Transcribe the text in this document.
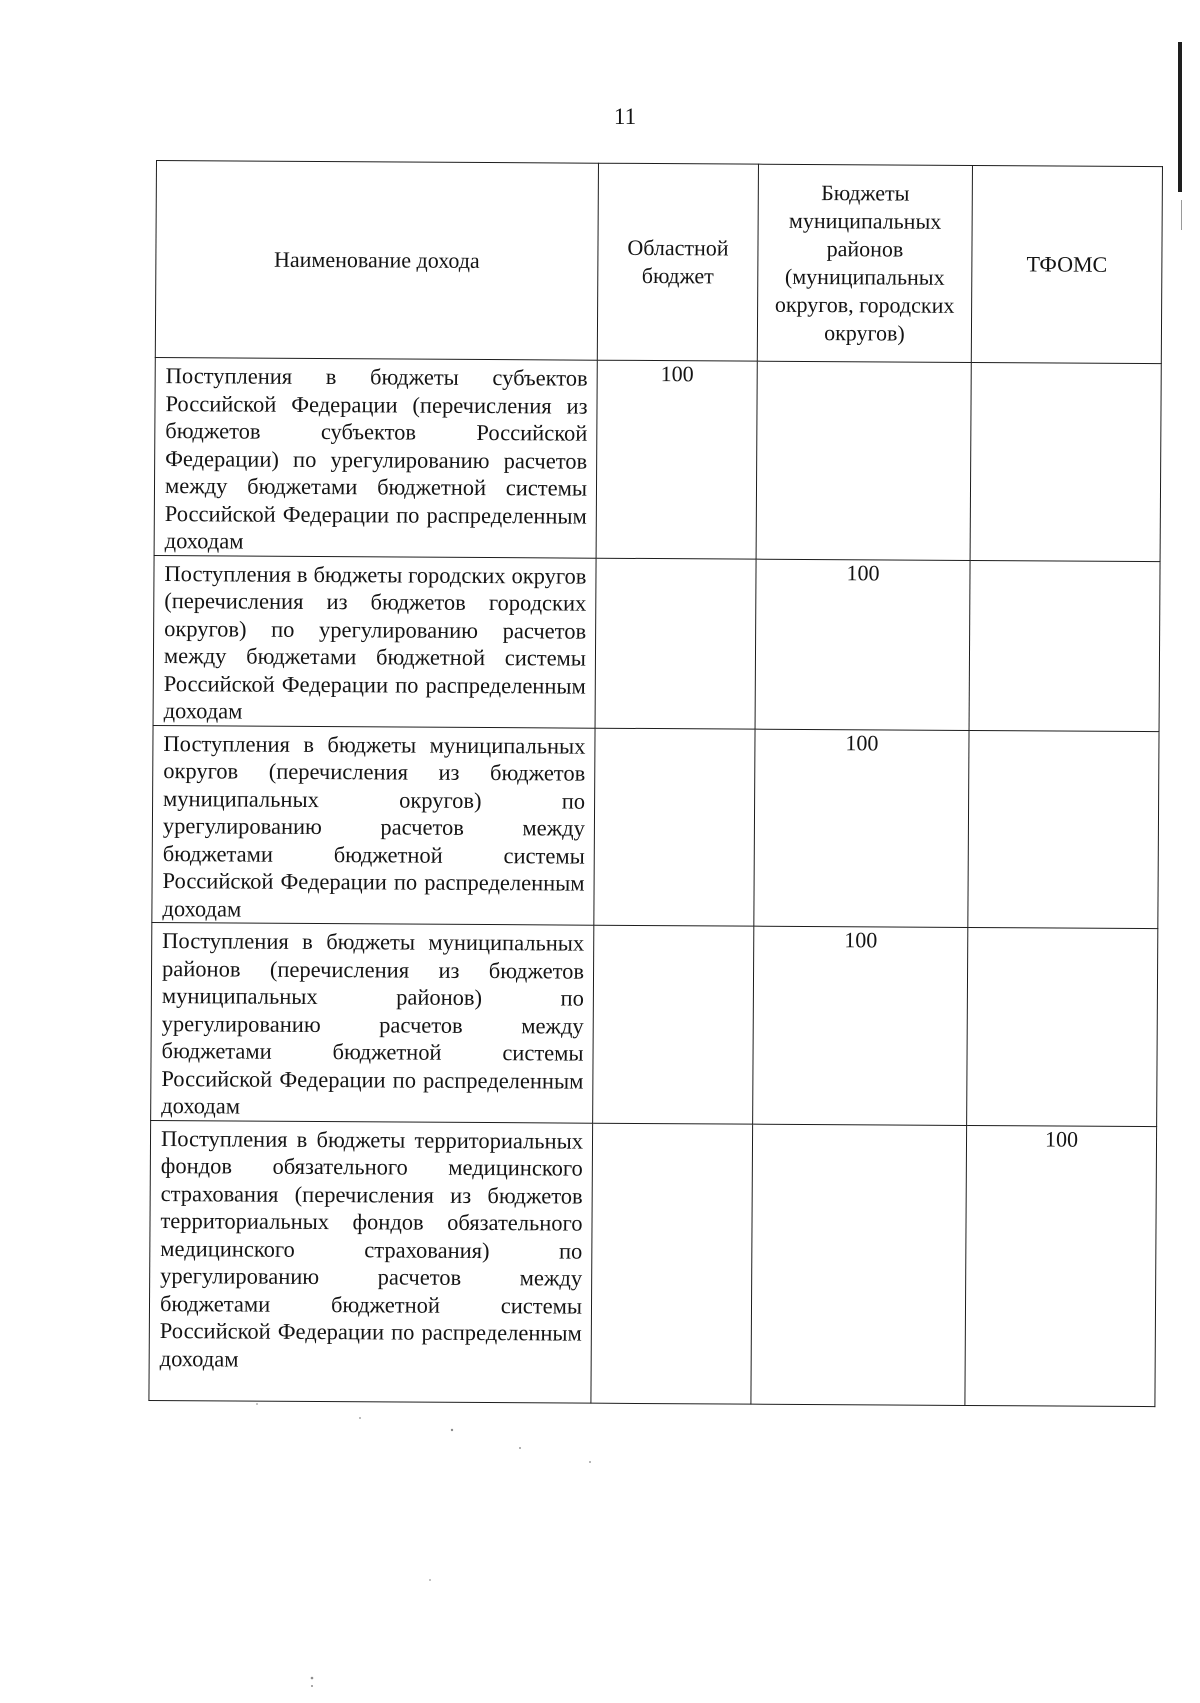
11
Наименование дохода	Областной бюджет	Бюджеты муниципальных районов (муниципальных округов, городских округов)	ТФОМС

Поступления в бюджеты субъектов Российской Федерации (перечисления из бюджетов субъектов Российской Федерации) по урегулированию расчетов между бюджетами бюджетной системы Российской Федерации по распределенным доходам	100		
Поступления в бюджеты городских округов (перечисления из бюджетов городских округов) по урегулированию расчетов между бюджетами бюджетной системы Российской Федерации по распределенным доходам		100	
Поступления в бюджеты муниципальных округов (перечисления из бюджетов муниципальных округов) по урегулированию расчетов между бюджетами бюджетной системы Российской Федерации по распределенным доходам		100	
Поступления в бюджеты муниципальных районов (перечисления из бюджетов муниципальных районов) по урегулированию расчетов между бюджетами бюджетной системы Российской Федерации по распределенным доходам		100	
Поступления в бюджеты территориальных фондов обязательного медицинского страхования (перечисления из бюджетов территориальных фондов обязательного медицинского страхования) по урегулированию расчетов между бюджетами бюджетной системы Российской Федерации по распределенным доходам			100
